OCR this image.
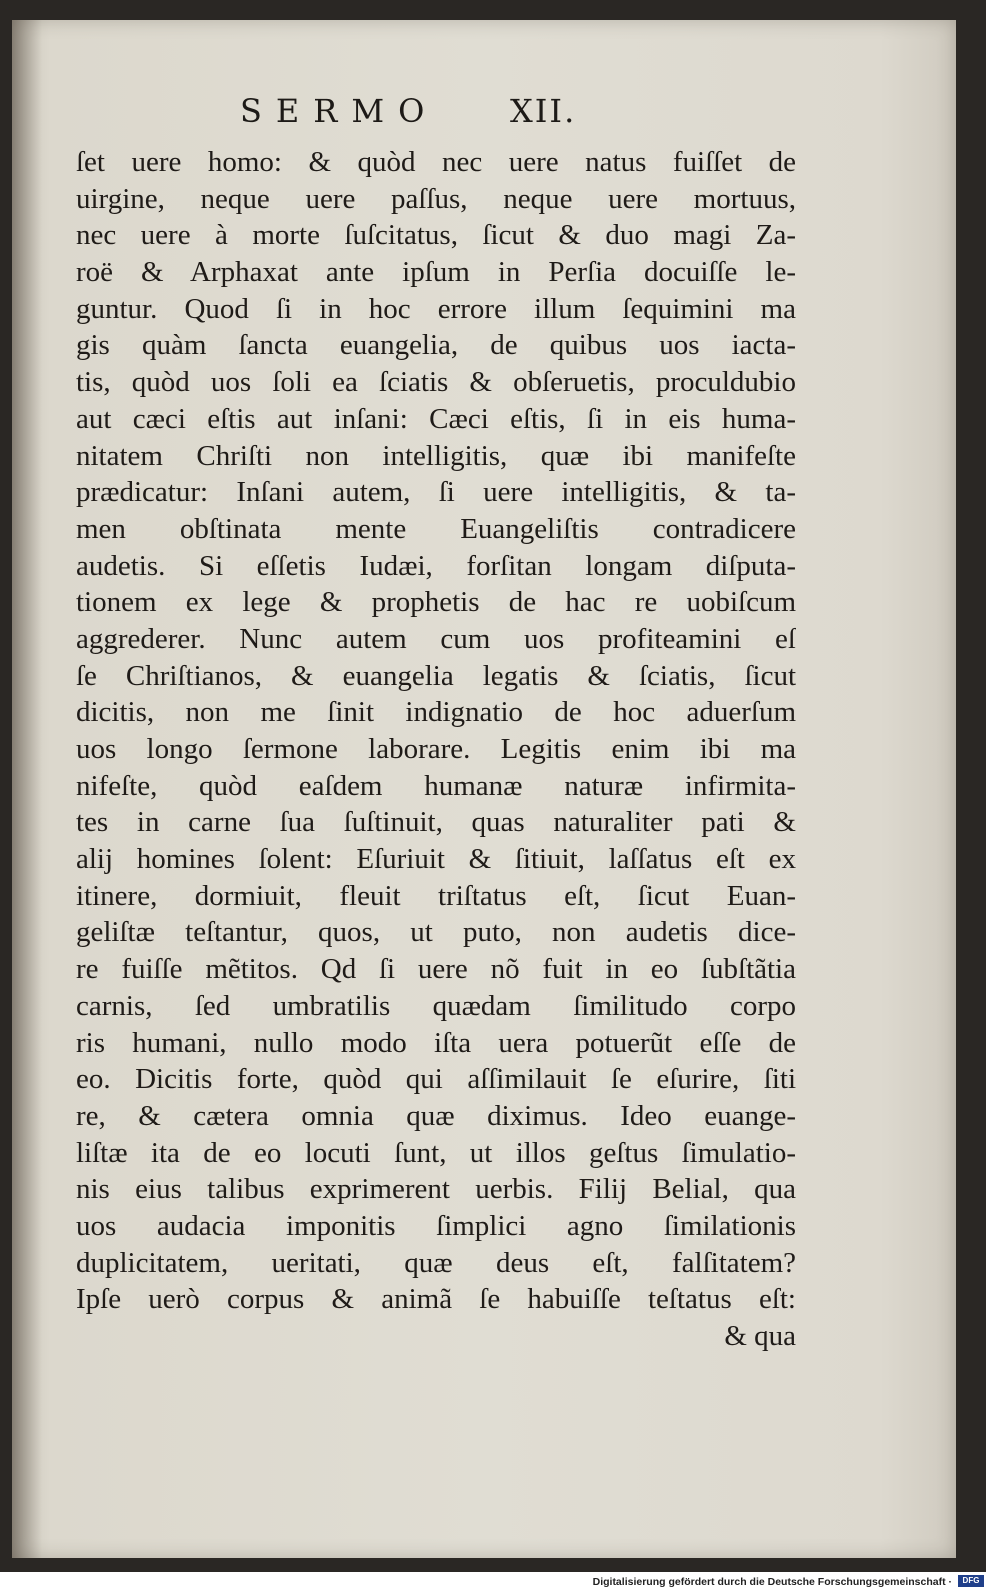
SERMO XII.
ſet uere homo: & quòd nec uere natus fuiſſet de
uirgine, neque uere paſſus, neque uere mortuus,
nec uere à morte ſuſcitatus, ſicut & duo magi Za-
roë & Arphaxat ante ipſum in Perſia docuiſſe le-
guntur. Quod ſi in hoc errore illum ſequimini ma
gis quàm ſancta euangelia, de quibus uos iacta-
tis, quòd uos ſoli ea ſciatis & obſeruetis, proculdubio
aut cæci eſtis aut inſani: Cæci eſtis, ſi in eis huma-
nitatem Chriſti non intelligitis, quæ ibi manifeſte
prædicatur: Inſani autem, ſi uere intelligitis, & ta-
men obſtinata mente Euangeliſtis contradicere
audetis. Si eſſetis Iudæi, forſitan longam diſputa-
tionem ex lege & prophetis de hac re uobiſcum
aggrederer. Nunc autem cum uos profiteamini eſ
ſe Chriſtianos, & euangelia legatis & ſciatis, ſicut
dicitis, non me ſinit indignatio de hoc aduerſum
uos longo ſermone laborare. Legitis enim ibi ma
nifeſte, quòd eaſdem humanæ naturæ infirmita-
tes in carne ſua ſuſtinuit, quas naturaliter pati &
alij homines ſolent: Eſuriuit & ſitiuit, laſſatus eſt ex
itinere, dormiuit, fleuit triſtatus eſt, ſicut Euan-
geliſtæ teſtantur, quos, ut puto, non audetis dice-
re fuiſſe mẽtitos. Qd ſi uere nõ fuit in eo ſubſtãtia
carnis, ſed umbratilis quædam ſimilitudo corpo
ris humani, nullo modo iſta uera potuerũt eſſe de
eo. Dicitis forte, quòd qui aſſimilauit ſe eſurire, ſiti
re, & cætera omnia quæ diximus. Ideo euange-
liſtæ ita de eo locuti ſunt, ut illos geſtus ſimulatio-
nis eius talibus exprimerent uerbis. Filij Belial, qua
uos audacia imponitis ſimplici agno ſimilationis
duplicitatem, ueritati, quæ deus eſt, falſitatem?
Ipſe uerò corpus & animã ſe habuiſſe teſtatus eſt:
& qua
Digitalisierung gefördert durch die Deutsche Forschungsgemeinschaft ·	DFG
